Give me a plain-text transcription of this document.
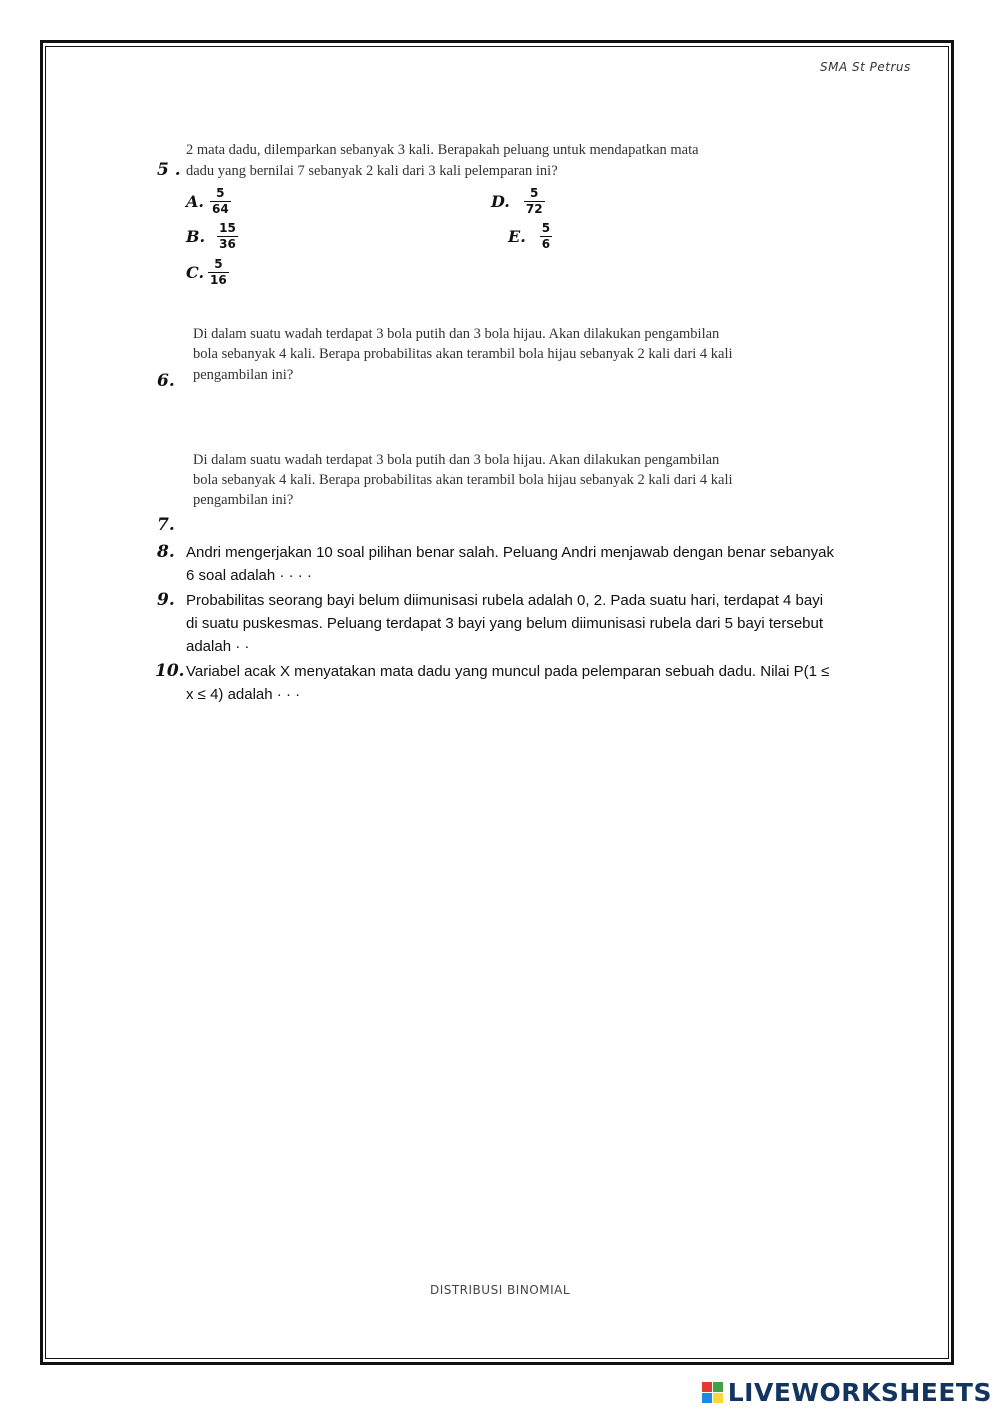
SMA St Petrus
5 .
2 mata dadu, dilemparkan sebanyak 3 kali. Berapakah peluang untuk mendapatkan mata
dadu yang bernilai 7 sebanyak 2 kali dari 3 kali pelemparan ini?
A. $\frac{5}{64}$
B. $\frac{15}{36}$
C. $\frac{5}{16}$
D. $\frac{5}{72}$
E. $\frac{5}{6}$
6.
Di dalam suatu wadah terdapat 3 bola putih dan 3 bola hijau. Akan dilakukan pengambilan
bola sebanyak 4 kali. Berapa probabilitas akan terambil bola hijau sebanyak 2 kali dari 4 kali
pengambilan ini?
Di dalam suatu wadah terdapat 3 bola putih dan 3 bola hijau. Akan dilakukan pengambilan
bola sebanyak 4 kali. Berapa probabilitas akan terambil bola hijau sebanyak 2 kali dari 4 kali
pengambilan ini?
7.
8. Andri mengerjakan 10 soal pilihan benar salah. Peluang Andri menjawab dengan benar sebanyak
6 soal adalah · · · ·
9. Probabilitas seorang bayi belum diimunisasi rubela adalah 0, 2. Pada suatu hari, terdapat 4 bayi
di suatu puskesmas. Peluang terdapat 3 bayi yang belum diimunisasi rubela dari 5 bayi tersebut
adalah · ·
10. Variabel acak X menyatakan mata dadu yang muncul pada pelemparan sebuah dadu. Nilai P(1 ≤
x ≤ 4) adalah · · ·
DISTRIBUSI BINOMIAL
LIVEWORKSHEETS
